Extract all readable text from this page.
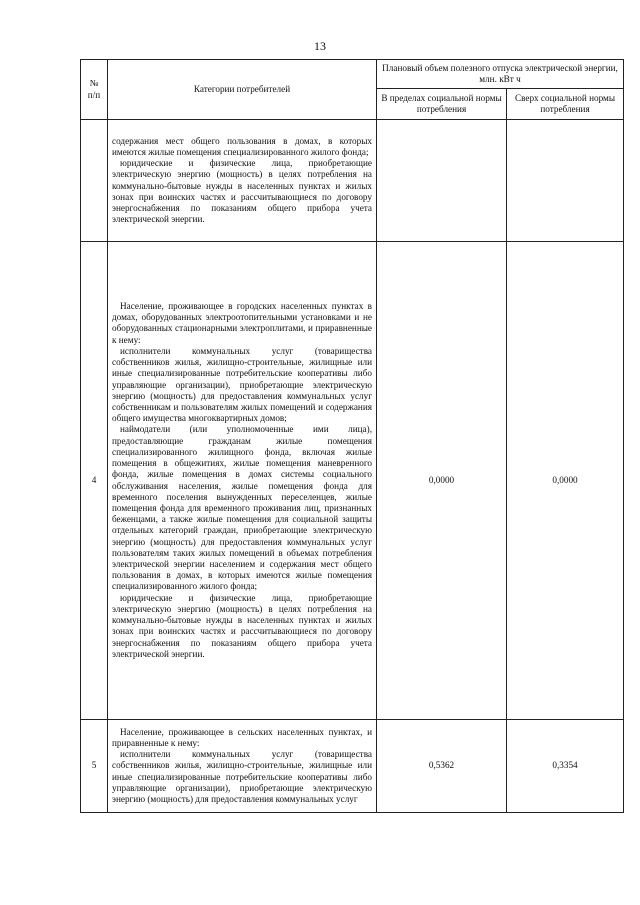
13
№ п/п	Категории потребителей	Плановый объем полезного отпуска электрической энергии, млн. кВт ч	
		В пределах социальной нормы потребления	Сверх социальной нормы потребления

	содержания мест общего пользования в домах, в которых имеются жилые помещения специализированного жилого фонда;

юридические и физические лица, приобретающие электрическую энергию (мощность) в целях потребления на коммунально-бытовые нужды в населенных пунктах и жилых зонах при воинских частях и рассчитывающиеся по договору энергоснабжения по показаниям общего прибора учета электрической энергии.		

4	Население, проживающее в городских населенных пунктах в домах, оборудованных электроотопительными установками и не оборудованных стационарными электроплитами, и приравненные к нему:

исполнители коммунальных услуг (товарищества собственников жилья, жилищно-строительные, жилищные или иные специализированные потребительские кооперативы либо управляющие организации), приобретающие электрическую энергию (мощность) для предоставления коммунальных услуг собственникам и пользователям жилых помещений и содержания общего имущества многоквартирных домов;

наймодатели (или уполномоченные ими лица), предоставляющие гражданам жилые помещения специализированного жилищного фонда, включая жилые помещения в общежитиях, жилые помещения маневренного фонда, жилые помещения в домах системы социального обслуживания населения, жилые помещения фонда для временного поселения вынужденных переселенцев, жилые помещения фонда для временного проживания лиц, признанных беженцами, а также жилые помещения для социальной защиты отдельных категорий граждан, приобретающие электрическую энергию (мощность) для предоставления коммунальных услуг пользователям таких жилых помещений в объемах потребления электрической энергии населением и содержания мест общего пользования в домах, в которых имеются жилые помещения специализированного жилого фонда;

юридические и физические лица, приобретающие электрическую энергию (мощность) в целях потребления на коммунально-бытовые нужды в населенных пунктах и жилых зонах при воинских частях и рассчитывающиеся по договору энергоснабжения по показаниям общего прибора учета электрической энергии.	0,0000	0,0000
5	Население, проживающее в сельских населенных пунктах, и приравненные к нему:

исполнители коммунальных услуг (товарищества собственников жилья, жилищно-строительные, жилищные или иные специализированные потребительские кооперативы либо управляющие организации), приобретающие электрическую энергию (мощность) для предоставления коммунальных услуг	0,5362	0,3354
